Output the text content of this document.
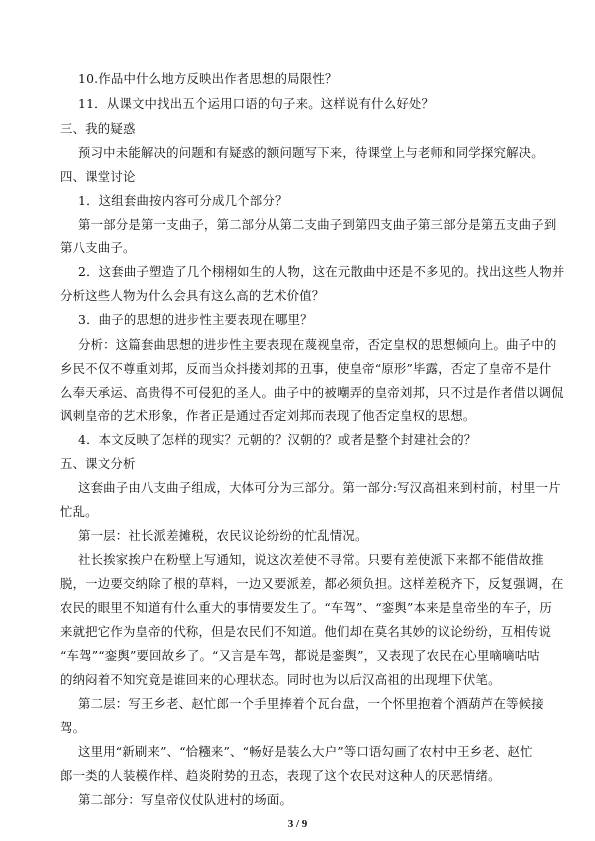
10.作品中什么地方反映出作者思想的局限性？
11．从课文中找出五个运用口语的句子来。这样说有什么好处？
三、我的疑惑
预习中未能解决的问题和有疑惑的额问题写下来，待课堂上与老师和同学探究解决。
四、课堂讨论
1．这组套曲按内容可分成几个部分？
第一部分是第一支曲子，第二部分从第二支曲子到第四支曲子第三部分是第五支曲子到
第八支曲子。
2．这套曲子塑造了几个栩栩如生的人物，这在元散曲中还是不多见的。找出这些人物并
分析这些人物为什么会具有这么高的艺术价值？
3．曲子的思想的进步性主要表现在哪里？
分析：这篇套曲思想的进步性主要表现在蔑视皇帝，否定皇权的思想倾向上。曲子中的
乡民不仅不尊重刘邦，反而当众抖搂刘邦的丑事，使皇帝“原形”毕露，否定了皇帝不是什
么奉天承运、高贵得不可侵犯的圣人。曲子中的被嘲弄的皇帝刘邦，只不过是作者借以调侃
讽刺皇帝的艺术形象，作者正是通过否定刘邦而表现了他否定皇权的思想。
4．本文反映了怎样的现实？元朝的？汉朝的？或者是整个封建社会的？
五、课文分析
这套曲子由八支曲子组成，大体可分为三部分。第一部分:写汉高祖来到村前，村里一片
忙乱。
第一层：社长派差摊税，农民议论纷纷的忙乱情况。
社长挨家挨户在粉壁上写通知，说这次差使不寻常。只要有差使派下来都不能借故推
脱，一边要交纳除了根的草料，一边又要派差，都必须负担。这样差税齐下，反复强调，在
农民的眼里不知道有什么重大的事情要发生了。“车驾”、“銮舆”本来是皇帝坐的车子，历
来就把它作为皇帝的代称，但是农民们不知道。他们却在莫名其妙的议论纷纷，互相传说
“车驾”“銮舆”要回故乡了。“又言是车驾，都说是銮舆”，又表现了农民在心里嘀嘀咕咕
的纳闷着不知究竟是谁回来的心理状态。同时也为以后汉高祖的出现埋下伏笔。
第二层：写王乡老、赵忙郎一个手里捧着个瓦台盘，一个怀里抱着个酒葫芦在等候接
驾。
这里用“新刷来”、“恰糨来”、“畅好是装么大户”等口语勾画了农村中王乡老、赵忙
郎一类的人装模作样、趋炎附势的丑态，表现了这个农民对这种人的厌恶情绪。
第二部分：写皇帝仪仗队进村的场面。
3 / 9
